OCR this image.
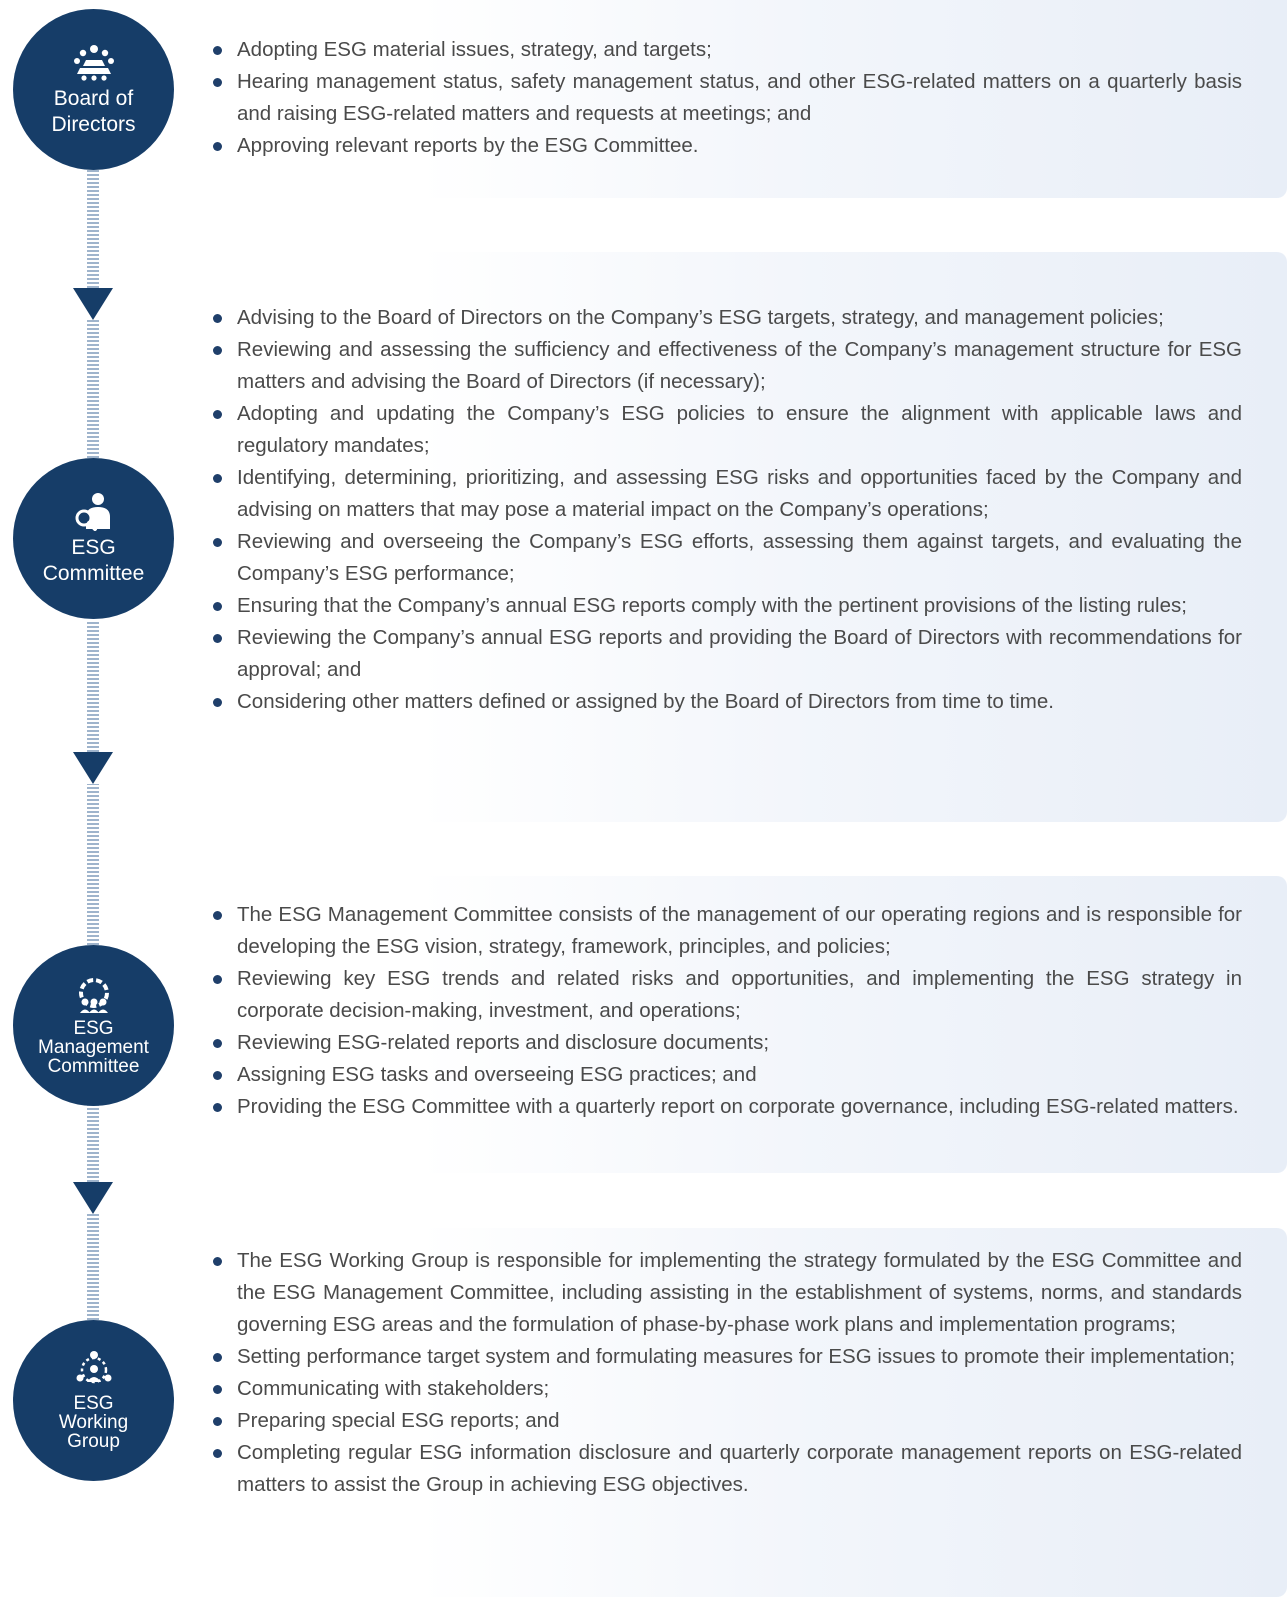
Board of
Directors
ESG
Committee
ESG
Management
Committee
ESG
Working
Group
Adopting ESG material issues, strategy, and targets;
Hearing management status, safety management status, and other ESG-related matters on a quarterly basis and raising ESG-related matters and requests at meetings; and
Approving relevant reports by the ESG Committee.
Advising to the Board of Directors on the Company’s ESG targets, strategy, and management policies;
Reviewing and assessing the sufficiency and effectiveness of the Company’s management structure for ESG matters and advising the Board of Directors (if necessary);
Adopting and updating the Company’s ESG policies to ensure the alignment with applicable laws and regulatory mandates;
Identifying, determining, prioritizing, and assessing ESG risks and opportunities faced by the Company and advising on matters that may pose a material impact on the Company’s operations;
Reviewing and overseeing the Company’s ESG efforts, assessing them against targets, and evaluating the Company’s ESG performance;
Ensuring that the Company’s annual ESG reports comply with the pertinent provisions of the listing rules;
Reviewing the Company’s annual ESG reports and providing the Board of Directors with recommendations for approval; and
Considering other matters defined or assigned by the Board of Directors from time to time.
The ESG Management Committee consists of the management of our operating regions and is responsible for developing the ESG vision, strategy, framework, principles, and policies;
Reviewing key ESG trends and related risks and opportunities, and implementing the ESG strategy in corporate decision-making, investment, and operations;
Reviewing ESG-related reports and disclosure documents;
Assigning ESG tasks and overseeing ESG practices; and
Providing the ESG Committee with a quarterly report on corporate governance, including ESG-related matters.
The ESG Working Group is responsible for implementing the strategy formulated by the ESG Committee and the ESG Management Committee, including assisting in the establishment of systems, norms, and standards governing ESG areas and the formulation of phase-by-phase work plans and implementation programs;
Setting performance target system and formulating measures for ESG issues to promote their implementation;
Communicating with stakeholders;
Preparing special ESG reports; and
Completing regular ESG information disclosure and quarterly corporate management reports on ESG-related matters to assist the Group in achieving ESG objectives.
